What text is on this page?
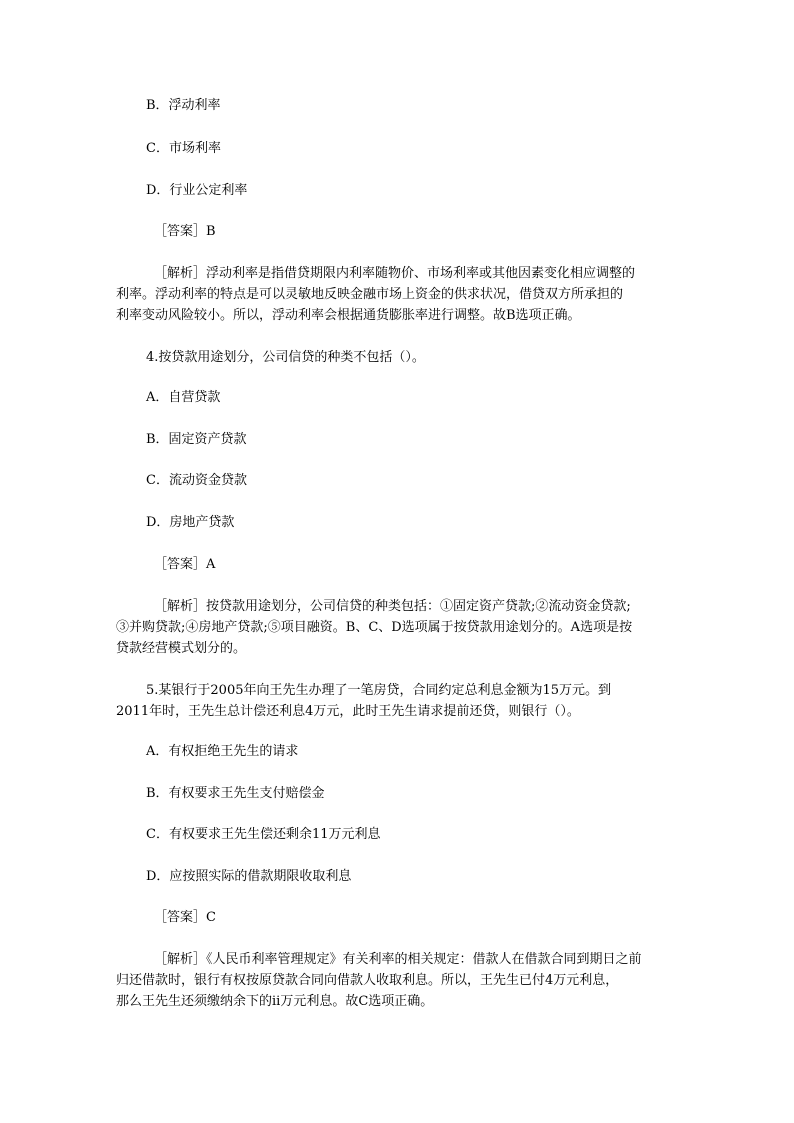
B．浮动利率
C．市场利率
D．行业公定利率
［答案］B
［解析］浮动利率是指借贷期限内利率随物价、市场利率或其他因素变化相应调整的
利率。浮动利率的特点是可以灵敏地反映金融市场上资金的供求状况，借贷双方所承担的
利率变动风险较小。所以，浮动利率会根据通货膨胀率进行调整。故B选项正确。
4.按贷款用途划分，公司信贷的种类不包括（）。
A．自营贷款
B．固定资产贷款
C．流动资金贷款
D．房地产贷款
［答案］A
［解析］按贷款用途划分，公司信贷的种类包括：①固定资产贷款;②流动资金贷款;
③并购贷款;④房地产贷款;⑤项目融资。B、C、D选项属于按贷款用途划分的。A选项是按
贷款经营模式划分的。
5.某银行于2005年向王先生办理了一笔房贷，合同约定总利息金额为15万元。到
2011年时，王先生总计偿还利息4万元，此时王先生请求提前还贷，则银行（）。
A．有权拒绝王先生的请求
B．有权要求王先生支付赔偿金
C．有权要求王先生偿还剩余11万元利息
D．应按照实际的借款期限收取利息
［答案］C
［解析］《人民币利率管理规定》有关利率的相关规定：借款人在借款合同到期日之前
归还借款时，银行有权按原贷款合同向借款人收取利息。所以，王先生已付4万元利息，
那么王先生还须缴纳余下的ii万元利息。故C选项正确。
